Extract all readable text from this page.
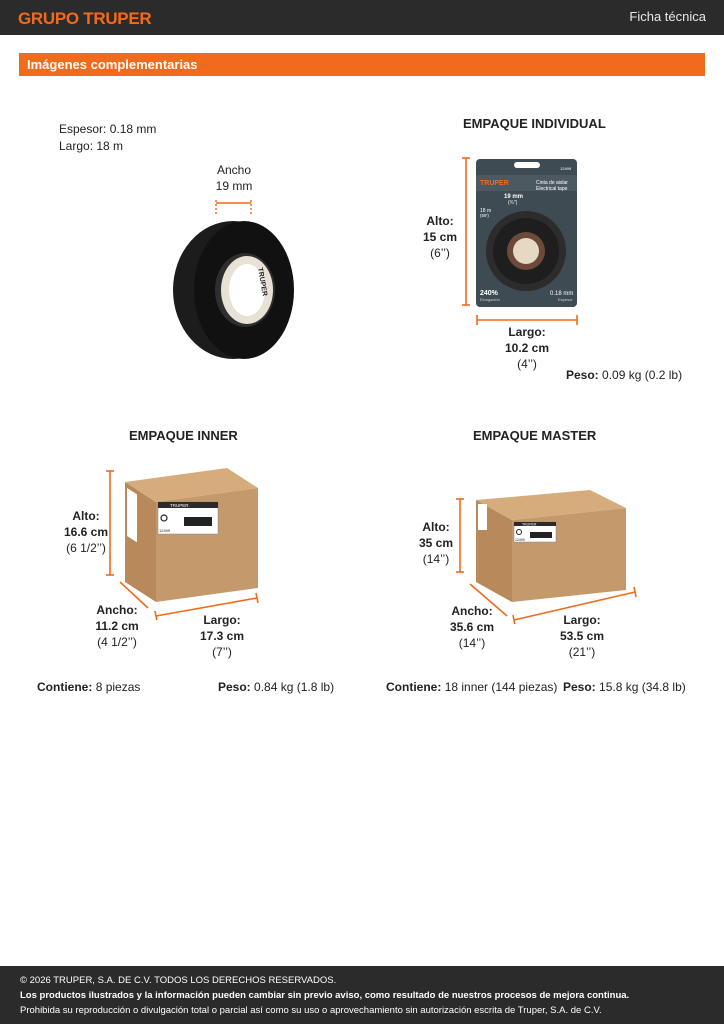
GRUPO TRUPER	Ficha técnica
Imágenes complementarias
Espesor: 0.18 mm
Largo: 18 m
Ancho
19 mm
TRUPER
EMPAQUE INDIVIDUAL
Alto:
15 cm
(6’’)
TRUPER
12499
Cinta de aislar
Electrical tape
19 mm
(¾")
18 m
(59')
240%
Elongación
0.18 mm
Espesor
Largo:
10.2 cm
(4’’)
Peso: 0.09 kg (0.2 lb)
EMPAQUE INNER
Alto:
16.6 cm
(6 1/2’’)
TRUPER
12499
Ancho:
11.2 cm
(4 1/2’’)
Largo:
17.3 cm
(7’’)
Contiene: 8 piezas	Peso: 0.84 kg (1.8 lb)
EMPAQUE MASTER
Alto:
35 cm
(14’’)
TRUPER
12499
Ancho:
35.6 cm
(14’’)
Largo:
53.5 cm
(21’’)
Contiene: 18 inner (144 piezas) Peso: 15.8 kg (34.8 lb)
© 2026 TRUPER, S.A. DE C.V. TODOS LOS DERECHOS RESERVADOS.
Los productos ilustrados y la información pueden cambiar sin previo aviso, como resultado de nuestros procesos de mejora continua.
Prohibida su reproducción o divulgación total o parcial así como su uso o aprovechamiento sin autorización escrita de Truper, S.A. de C.V.
